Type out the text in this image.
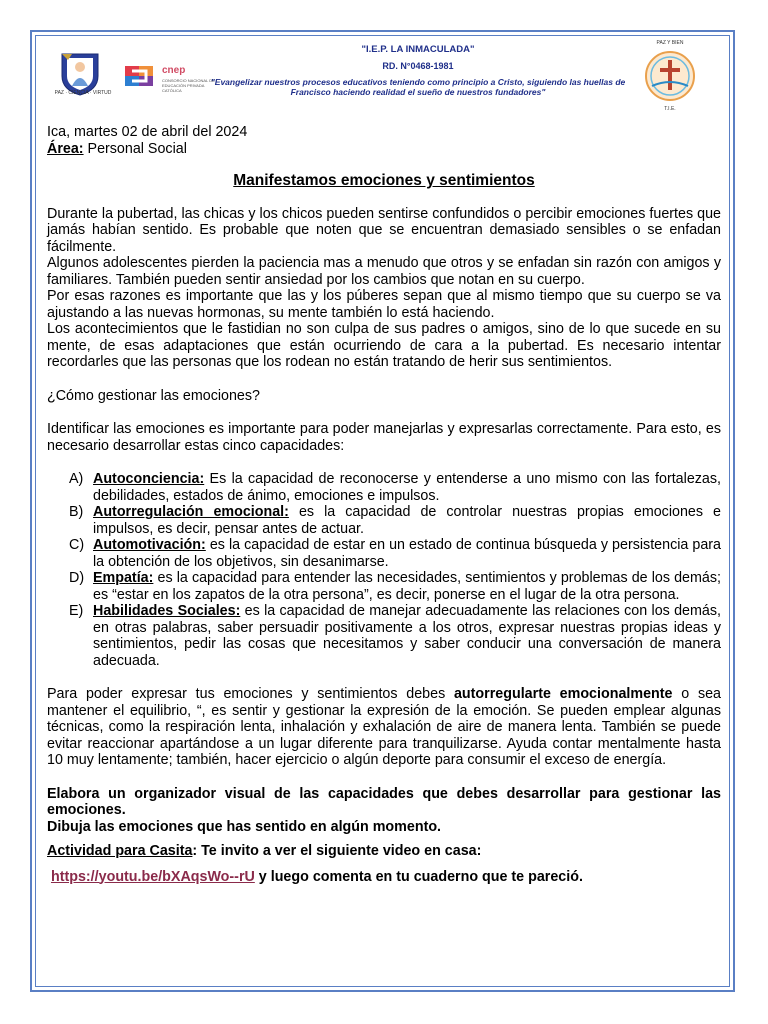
PAZ · CIENCIA · VIRTUD
cnep
CONSORCIO NACIONAL DE EDUCACIÓN PRIVADA CATÓLICA
"I.E.P. LA INMACULADA"
RD. N°0468-1981
"Evangelizar nuestros procesos educativos teniendo como principio a Cristo, siguiendo las huellas de Francisco haciendo realidad el sueño de nuestros fundadores"
PAZ Y BIEN
T.I.E.

Ica, martes 02 de abril del 2024

Área: Personal Social

Manifestamos emociones y sentimientos

Durante la pubertad, las chicas y los chicos pueden sentirse confundidos o percibir emociones fuertes que jamás habían sentido. Es probable que noten que se encuentran demasiado sensibles o se enfadan fácilmente.

Algunos adolescentes pierden la paciencia mas a menudo que otros y se enfadan sin razón con amigos y familiares. También pueden sentir ansiedad por los cambios que notan en su cuerpo.

Por esas razones es importante que las y los púberes sepan que al mismo tiempo que su cuerpo se va ajustando a las nuevas hormonas, su mente también lo está haciendo.

Los acontecimientos que le fastidian no son culpa de sus padres o amigos, sino de lo que sucede en su mente, de esas adaptaciones que están ocurriendo de cara a la pubertad. Es necesario intentar recordarles que las personas que los rodean no están tratando de herir sus sentimientos.

¿Cómo gestionar las emociones?

Identificar las emociones es importante para poder manejarlas y expresarlas correctamente. Para esto, es necesario desarrollar estas cinco capacidades:

A) Autoconciencia: Es la capacidad de reconocerse y entenderse a uno mismo con las fortalezas, debilidades, estados de ánimo, emociones e impulsos.
B) Autorregulación emocional: es la capacidad de controlar nuestras propias emociones e impulsos, es decir, pensar antes de actuar.
C) Automotivación: es la capacidad de estar en un estado de continua búsqueda y persistencia para la obtención de los objetivos, sin desanimarse.
D) Empatía: es la capacidad para entender las necesidades, sentimientos y problemas de los demás; es “estar en los zapatos de la otra persona”, es decir, ponerse en el lugar de la otra persona.
E) Habilidades Sociales: es la capacidad de manejar adecuadamente las relaciones con los demás, en otras palabras, saber persuadir positivamente a los otros, expresar nuestras propias ideas y sentimientos, pedir las cosas que necesitamos y saber conducir una conversación de manera adecuada.

Para poder expresar tus emociones y sentimientos debes autorregularte emocionalmente o sea mantener el equilibrio, “, es sentir y gestionar la expresión de la emoción. Se pueden emplear algunas técnicas, como la respiración lenta, inhalación y exhalación de aire de manera lenta. También se puede evitar reaccionar apartándose a un lugar diferente para tranquilizarse. Ayuda contar mentalmente hasta 10 muy lentamente; también, hacer ejercicio o algún deporte para consumir el exceso de energía.

Elabora un organizador visual de las capacidades que debes desarrollar para gestionar las emociones.

Dibuja las emociones que has sentido en algún momento.

Actividad para Casita: Te invito a ver el siguiente video en casa:

https://youtu.be/bXAqsWo--rU y luego comenta en tu cuaderno que te pareció.
